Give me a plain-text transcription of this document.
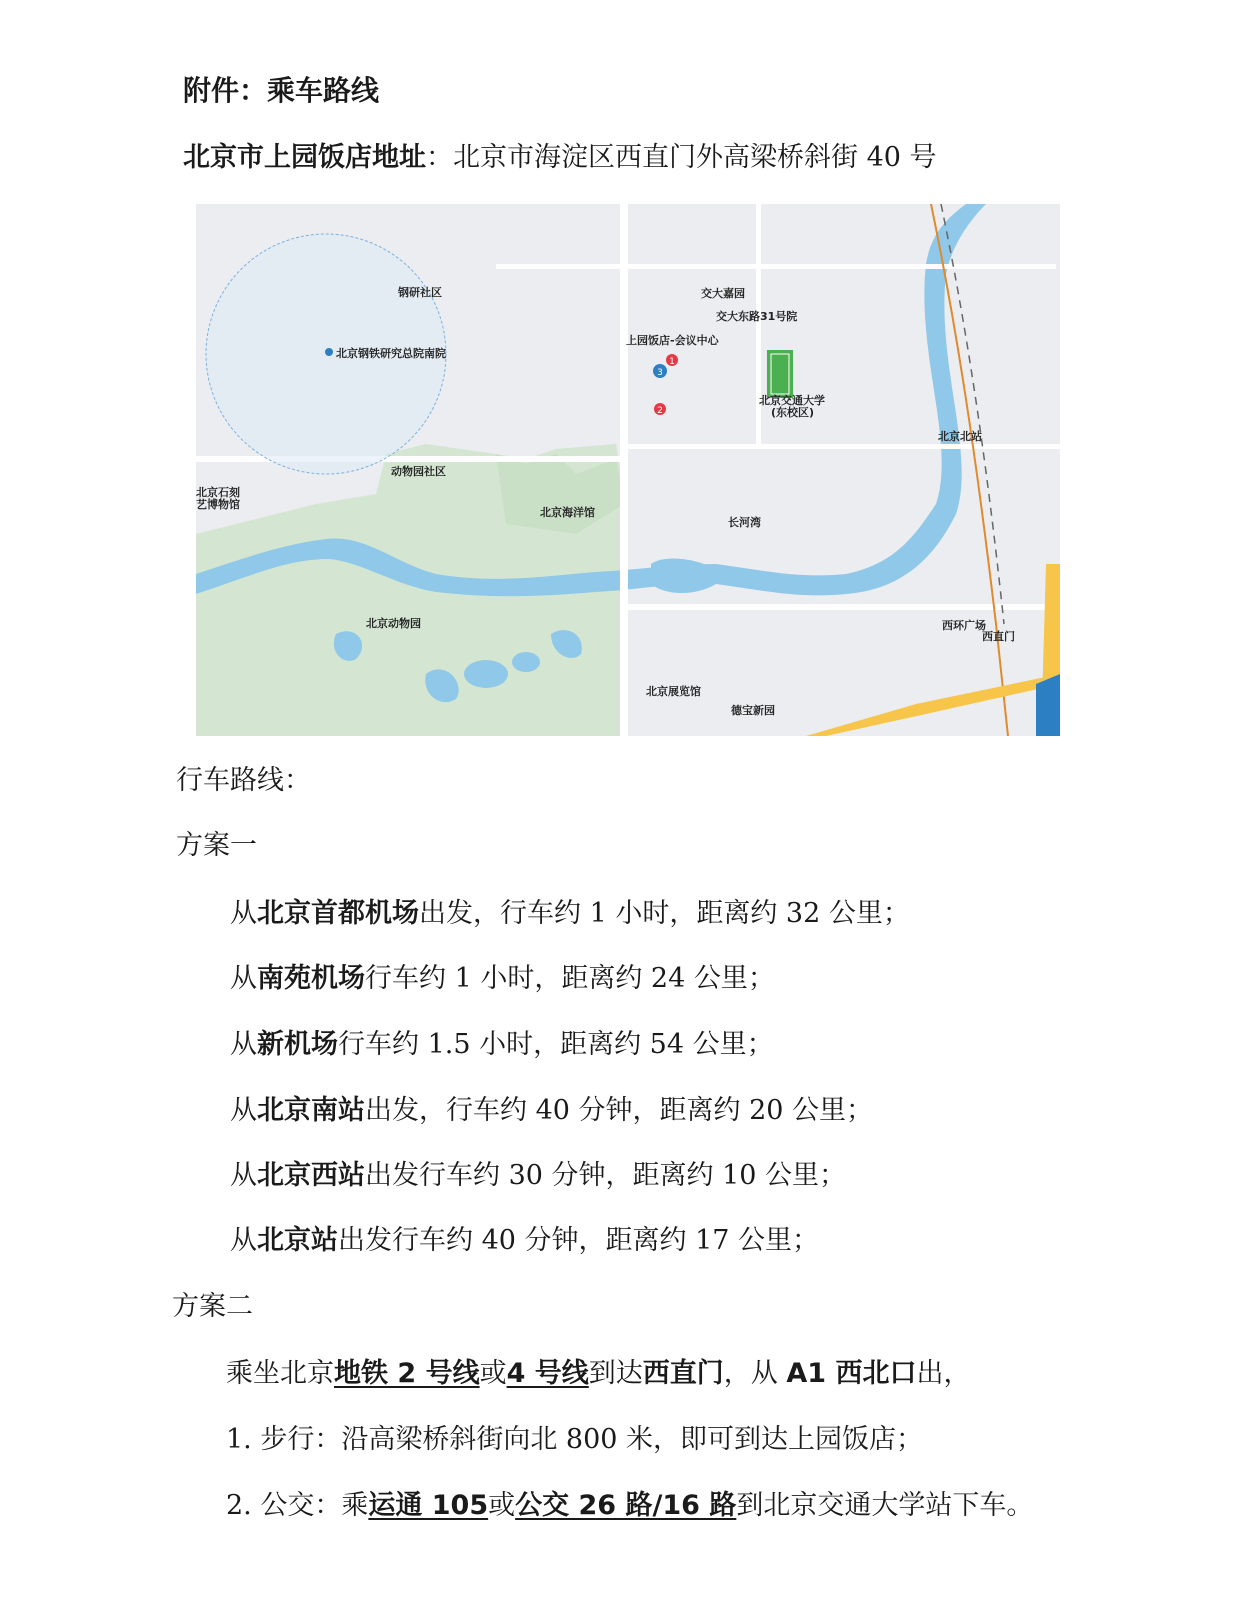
附件：乘车路线
北京市上园饭店地址：北京市海淀区西直门外高梁桥斜街 40 号
北京钢铁研究总院南院
钢研社区
上园饭店-会议中心
交大嘉园
交大东路31号院
北京交通大学
(东校区)
动物园社区
北京海洋馆
北京动物园
长河湾
北京北站
西环广场
西直门
北京展览馆
德宝新园
北京石刻
艺博物馆
1
2
3
行车路线：
方案一
从北京首都机场出发，行车约 1 小时，距离约 32 公里；
从南苑机场行车约 1 小时，距离约 24 公里；
从新机场行车约 1.5 小时，距离约 54 公里；
从北京南站出发，行车约 40 分钟，距离约 20 公里；
从北京西站出发行车约 30 分钟，距离约 10 公里；
从北京站出发行车约 40 分钟，距离约 17 公里；
方案二
乘坐北京地铁 2 号线或4 号线到达西直门，从 A1 西北口出，
1. 步行：沿高梁桥斜街向北 800 米，即可到达上园饭店；
2. 公交：乘运通 105或公交 26 路/16 路到北京交通大学站下车。
